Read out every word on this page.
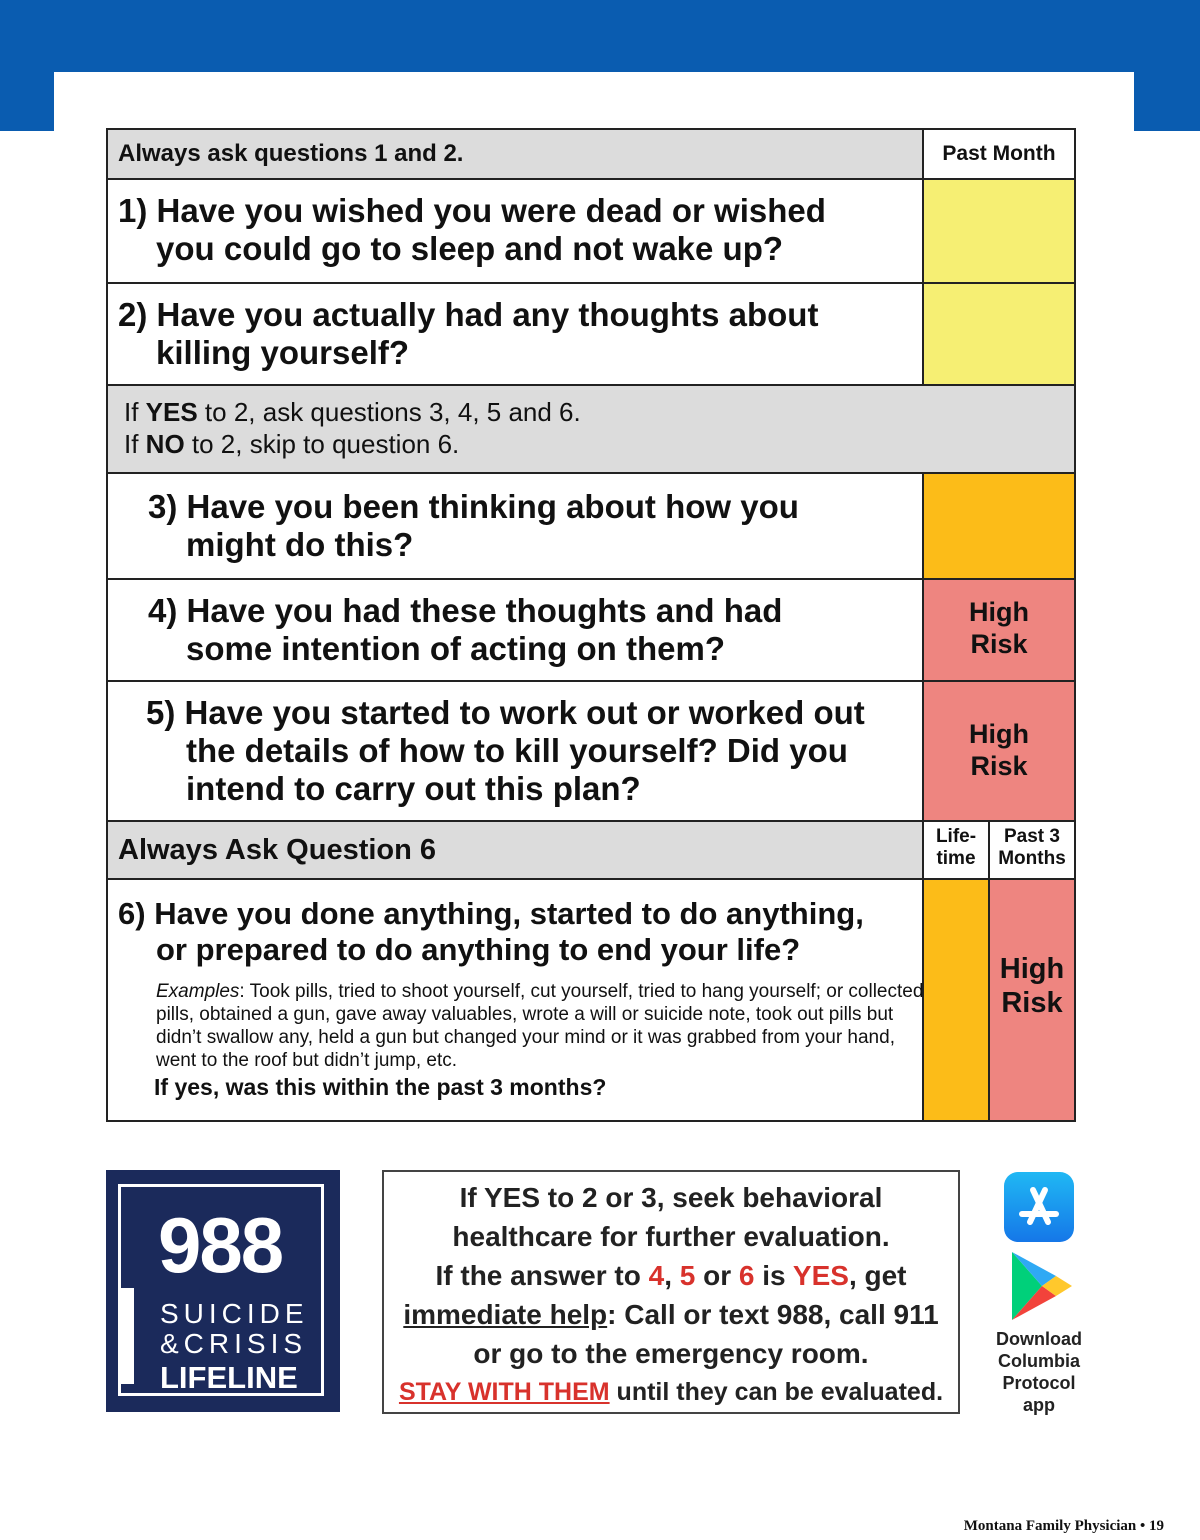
Always ask questions 1 and 2.	Past Month
1) Have you wished you were dead or wished
you could go to sleep and not wake up?
2) Have you actually had any thoughts about
killing yourself?
If YES to 2, ask questions 3, 4, 5 and 6.
If NO to 2, skip to question 6.
3) Have you been thinking about how you
might do this?
4) Have you had these thoughts and had
some intention of acting on them?
High
Risk
5) Have you started to work out or worked out
the details of how to kill yourself? Did you
intend to carry out this plan?
High
Risk
Always Ask Question 6	Life-
time
Past 3
Months
6) Have you done anything, started to do anything,
or prepared to do anything to end your life?
Examples: Took pills, tried to shoot yourself, cut yourself, tried to hang yourself; or collected pills, obtained a gun, gave away valuables, wrote a will or suicide note, took out pills but didn’t swallow any, held a gun but changed your mind or it was grabbed from your hand, went to the roof but didn’t jump, etc.
If yes, was this within the past 3 months?
High
Risk
988
SUICIDE
&CRISIS
LIFELINE

If YES to 2 or 3, seek behavioral

healthcare for further evaluation.

If the answer to 4, 5 or 6 is YES, get

immediate help: Call or text 988, call 911

or go to the emergency room.

STAY WITH THEM until they can be evaluated.

Download
Columbia
Protocol
app
Montana Family Physician • 19
